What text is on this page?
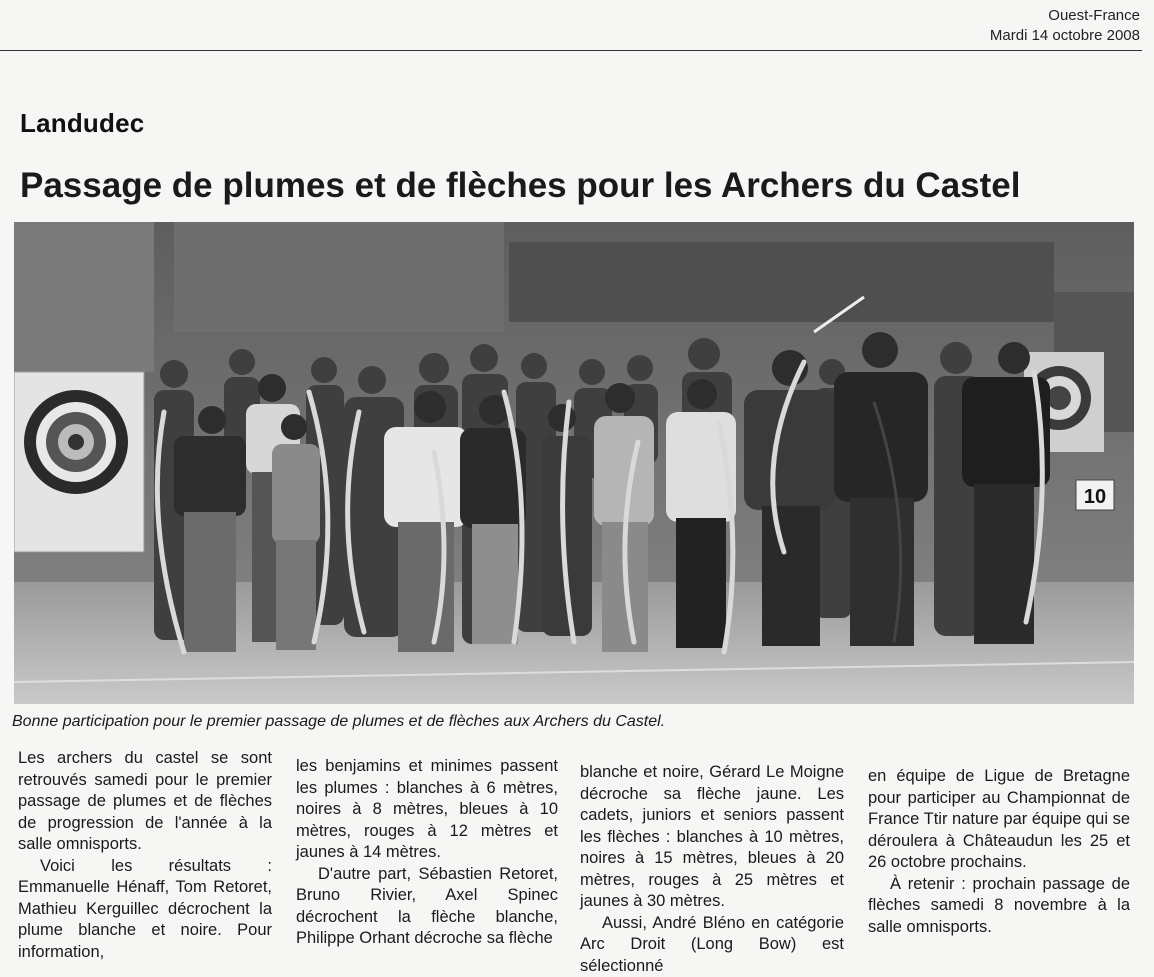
Ouest-France
Mardi 14 octobre 2008
Landudec
Passage de plumes et de flèches pour les Archers du Castel
10
Bonne participation pour le premier passage de plumes et de flèches aux Archers du Castel.

Les archers du castel se sont retrouvés samedi pour le premier passage de plumes et de flèches de progression de l'année à la salle omnisports.

Voici les résultats : Emmanuelle Hénaff, Tom Retoret, Mathieu Kerguillec décrochent la plume blanche et noire. Pour information,

les benjamins et minimes passent les plumes : blanches à 6 mètres, noires à 8 mètres, bleues à 10 mètres, rouges à 12 mètres et jaunes à 14 mètres.

D'autre part, Sébastien Retoret, Bruno Rivier, Axel Spinec décrochent la flèche blanche, Philippe Orhant décroche sa flèche

blanche et noire, Gérard Le Moigne décroche sa flèche jaune. Les cadets, juniors et seniors passent les flèches : blanches à 10 mètres, noires à 15 mètres, bleues à 20 mètres, rouges à 25 mètres et jaunes à 30 mètres.

Aussi, André Bléno en catégorie Arc Droit (Long Bow) est sélectionné

en équipe de Ligue de Bretagne pour participer au Championnat de France Ttir nature par équipe qui se déroulera à Châteaudun les 25 et 26 octobre prochains.

À retenir : prochain passage de flèches samedi 8 novembre à la salle omnisports.
